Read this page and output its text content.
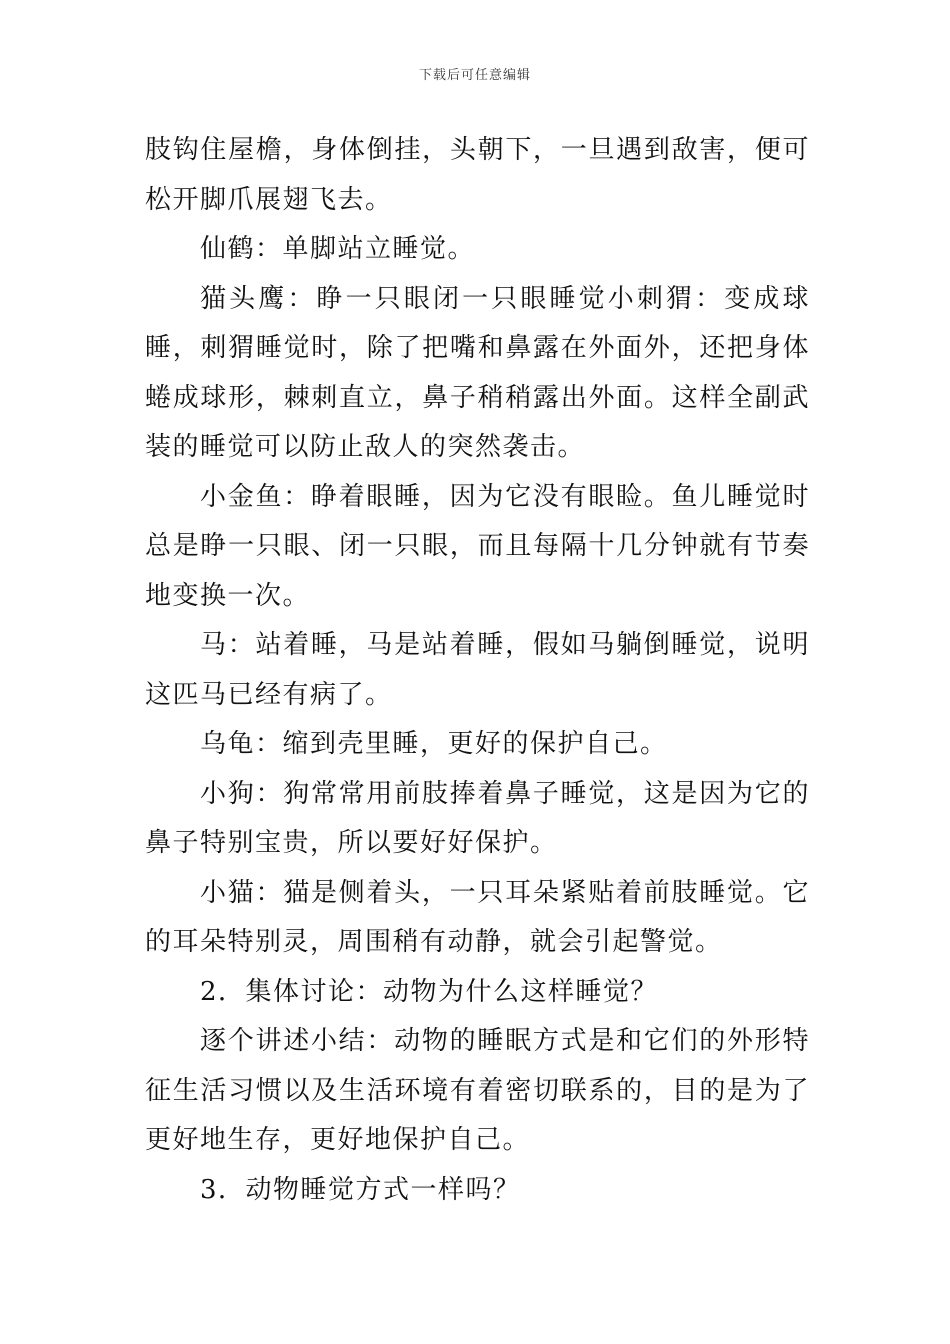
下载后可任意编辑

肢钩住屋檐，身体倒挂，头朝下，一旦遇到敌害，便可松开脚爪展翅飞去。

仙鹤：单脚站立睡觉。

猫头鹰：睁一只眼闭一只眼睡觉小刺猬：变成球睡，刺猬睡觉时，除了把嘴和鼻露在外面外，还把身体蜷成球形，棘刺直立，鼻子稍稍露出外面。这样全副武装的睡觉可以防止敌人的突然袭击。

小金鱼：睁着眼睡，因为它没有眼睑。鱼儿睡觉时总是睁一只眼、闭一只眼，而且每隔十几分钟就有节奏地变换一次。

马：站着睡，马是站着睡，假如马躺倒睡觉，说明这匹马已经有病了。

乌龟：缩到壳里睡，更好的保护自己。

小狗：狗常常用前肢捧着鼻子睡觉，这是因为它的鼻子特别宝贵，所以要好好保护。

小猫：猫是侧着头，一只耳朵紧贴着前肢睡觉。它的耳朵特别灵，周围稍有动静，就会引起警觉。

2．集体讨论：动物为什么这样睡觉？

逐个讲述小结：动物的睡眠方式是和它们的外形特征生活习惯以及生活环境有着密切联系的，目的是为了更好地生存，更好地保护自己。

3．动物睡觉方式一样吗？
